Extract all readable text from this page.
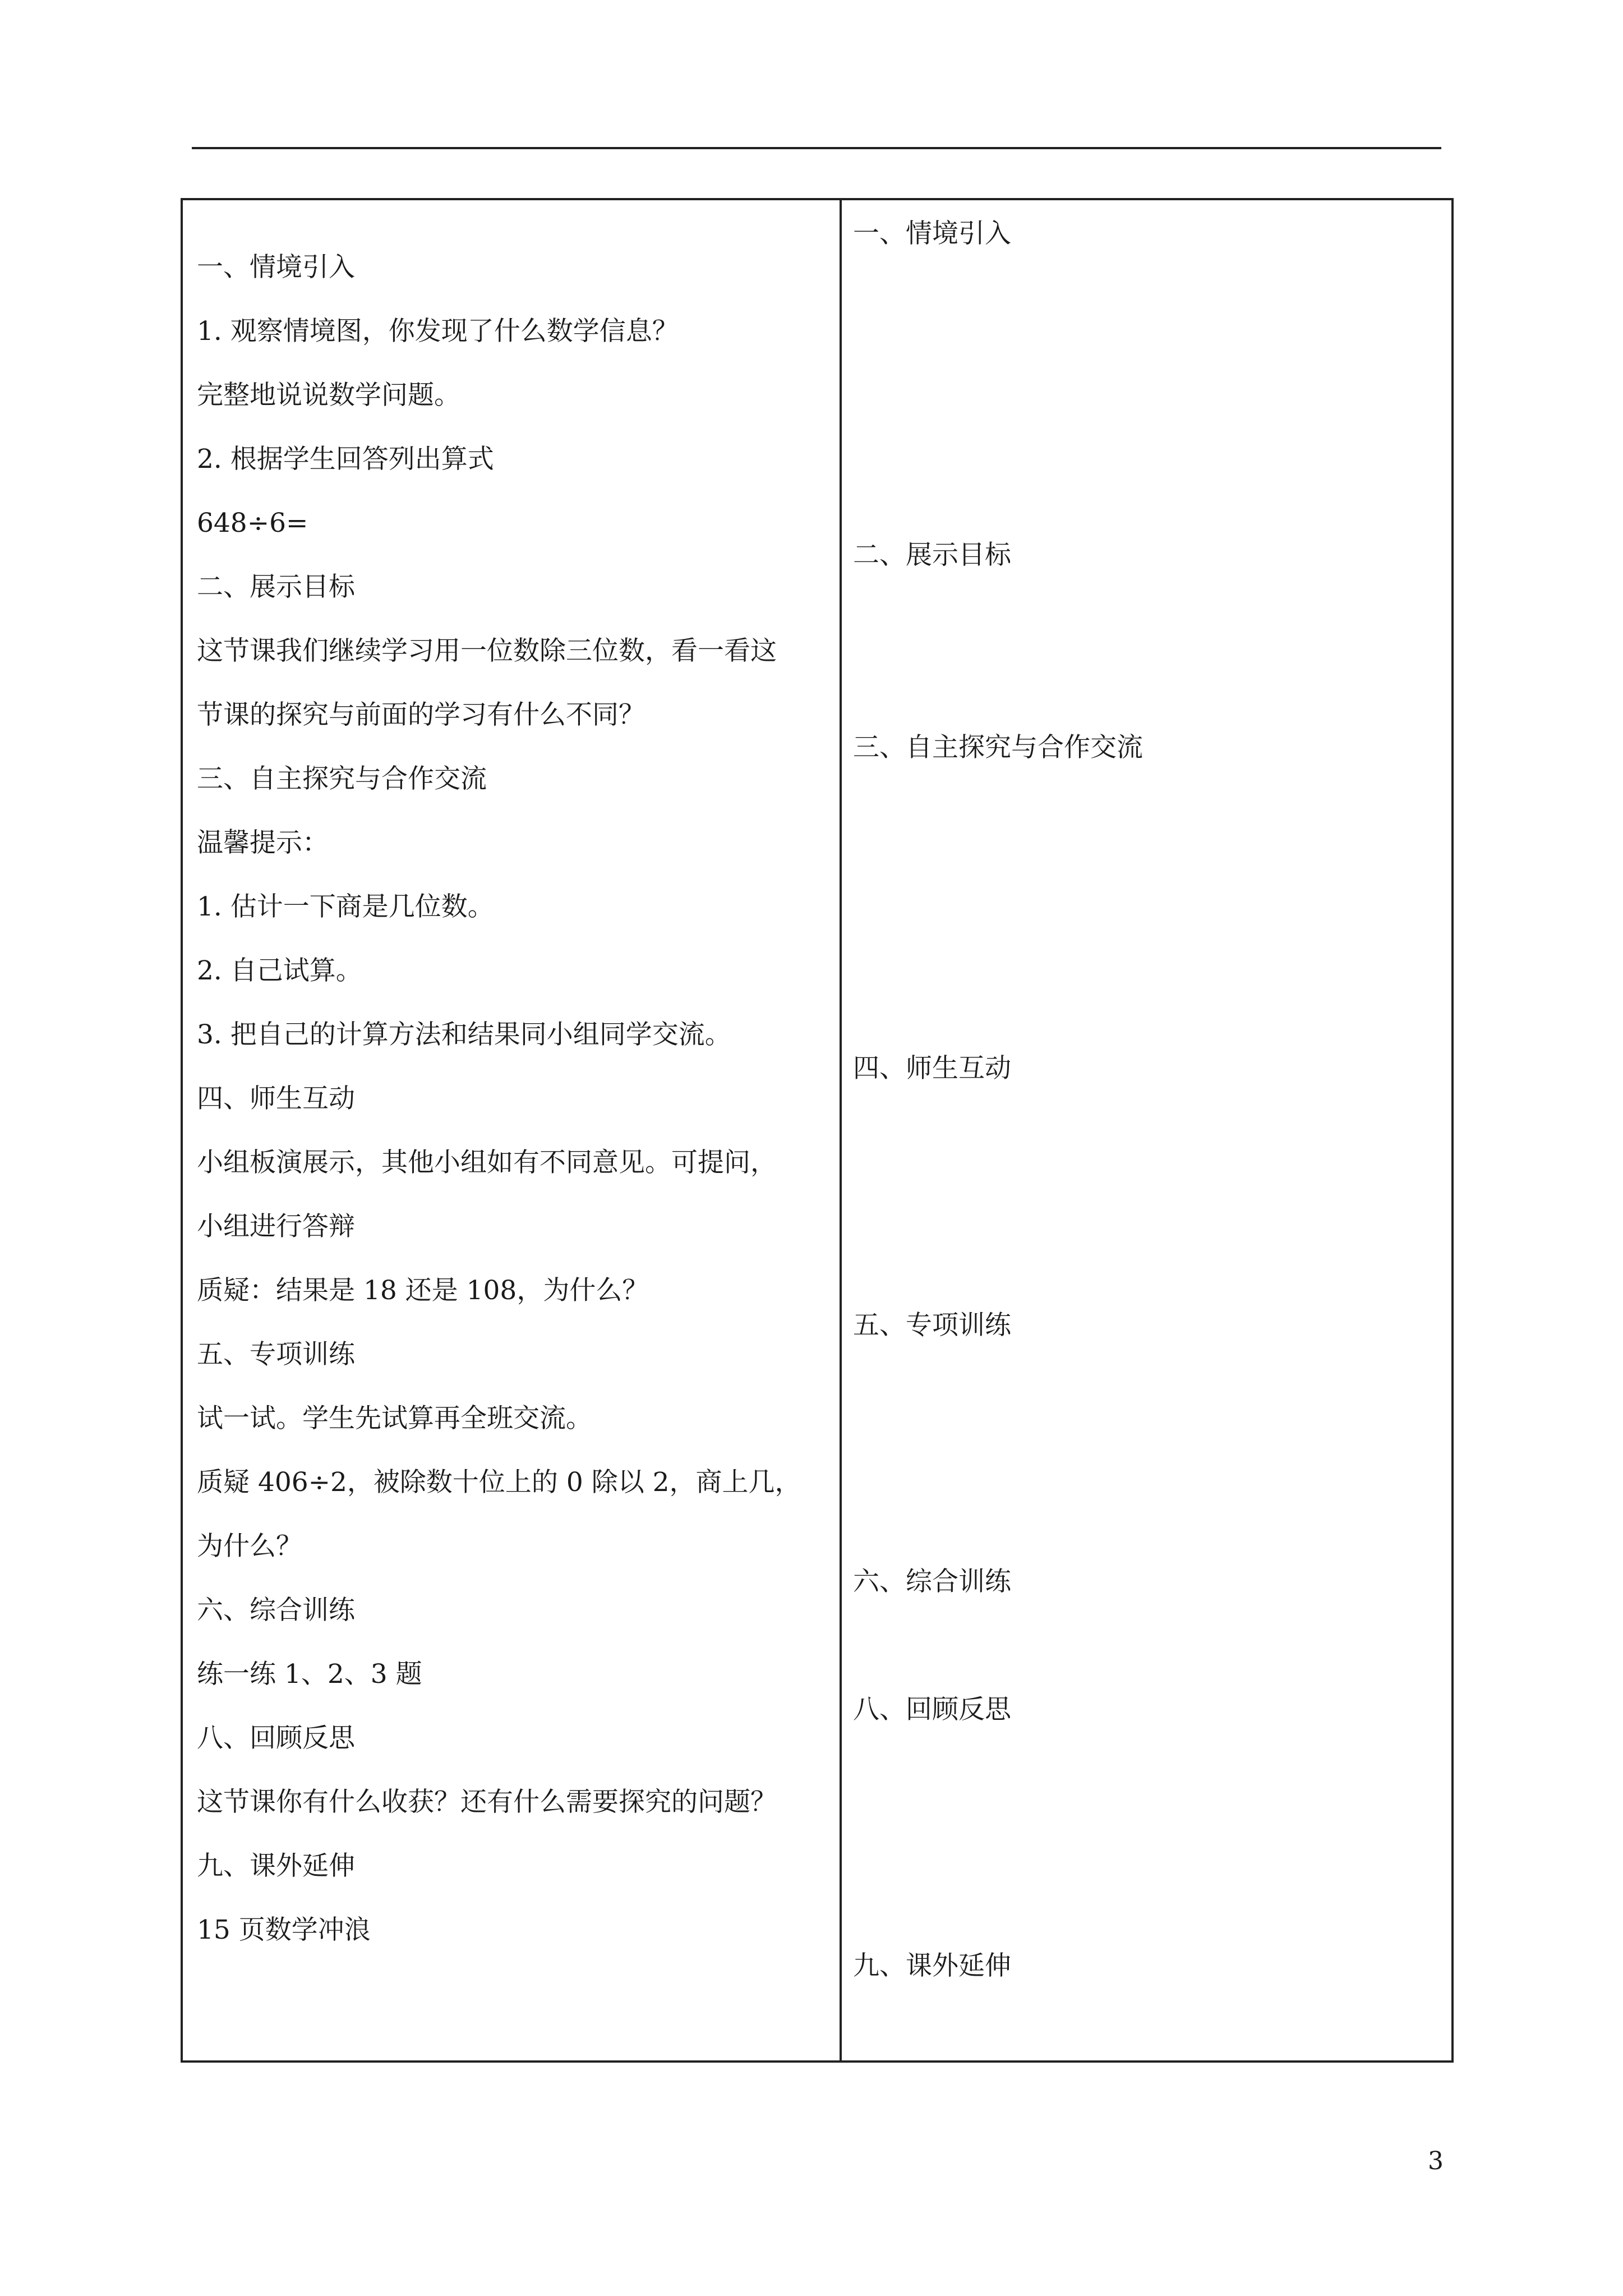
一、情境引入
1. 观察情境图，你发现了什么数学信息？
完整地说说数学问题。
2. 根据学生回答列出算式
648÷6=
二、展示目标
这节课我们继续学习用一位数除三位数，看一看这
节课的探究与前面的学习有什么不同？
三、自主探究与合作交流
温馨提示：
1. 估计一下商是几位数。
2. 自己试算。
3. 把自己的计算方法和结果同小组同学交流。
四、师生互动
小组板演展示，其他小组如有不同意见。可提问，
小组进行答辩
质疑：结果是 18 还是 108，为什么？
五、专项训练
试一试。学生先试算再全班交流。
质疑 406÷2，被除数十位上的 0 除以 2，商上几，
为什么？
六、综合训练
练一练 1、2、3 题
八、回顾反思
这节课你有什么收获？还有什么需要探究的问题？
九、课外延伸
15 页数学冲浪
一、情境引入
二、展示目标
三、自主探究与合作交流
四、师生互动
五、专项训练
六、综合训练
八、回顾反思
九、课外延伸
3
